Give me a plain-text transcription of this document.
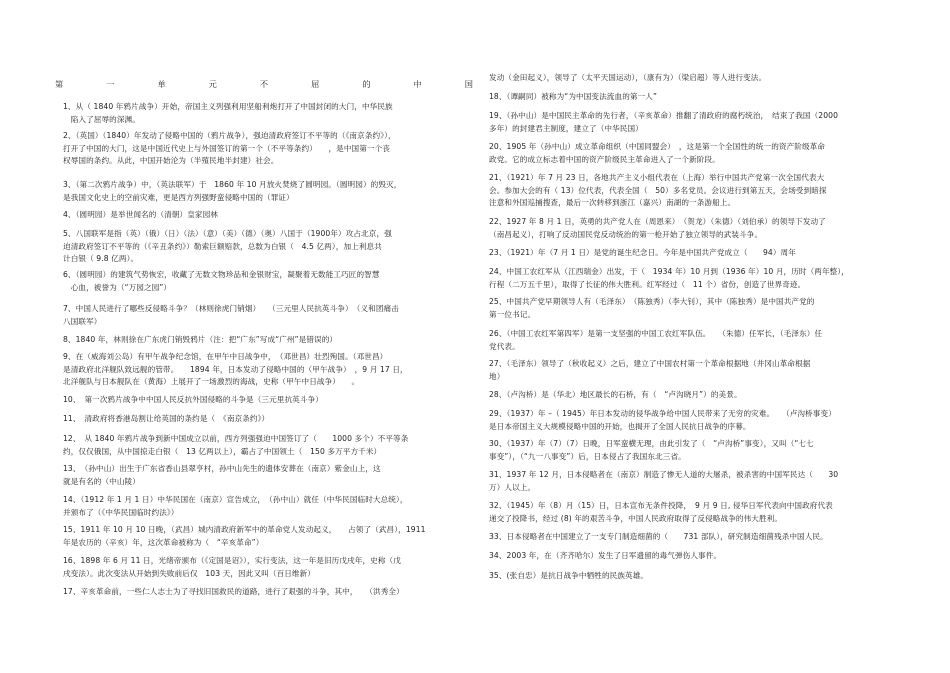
第	一	单	元	不	屈	的	中	国

1、从（ 1840 年鸦片战争）开始，帝国主义列强利用坚船利炮打开了中国封闭的大门，中华民族

　陷入了屈辱的深渊。

2、（英国）（1840）年发动了侵略中国的（鸦片战争），强迫清政府签订不平等的（《南京条约》），

打开了中国的大门，这是中国近代史上与外国签订的第一个（不平等条约）　　，是中国第一个丧

权辱国的条约。从此，中国开始沦为（半殖民地半封建）社会。

3、（第二次鸦片战争）中，（英法联军）于　1860 年 10 月放火焚烧了圆明园。（圆明园）的毁灭，

是我国文化史上的空前灾难，更是西方列强野蛮侵略中国的（罪证）

4、（圆明园）是举世闻名的（清朝）皇家园林

5、八国联军是指（英）（俄）（日）（法）（意）（美）（德）（奥）八国于（1900年）攻占北京，强

迫清政府签订不平等的（《辛丑条约》）勒索巨额赔款，总数为白银（　4.5 亿两），加上利息共

计白银（ 9.8 亿两）。

6、（圆明园）的建筑气势恢宏，收藏了无数文物珍品和金银财宝，凝聚着无数能工巧匠的智慧

　心血，被誉为（“万园之园”）

7、中国人民进行了哪些反侵略斗争？（林则徐虎门销烟）　　（三元里人民抗英斗争）　（义和团痛击

八国联军）

8、1840 年，林则徐在广东虎门销毁鸦片（注：把“广东”写成“广州”是错误的）

9、在（威海刘公岛）有甲午战争纪念馆，在甲午中日战争中，　（邓世昌）壮烈殉国。（邓世昌）

是清政府北洋舰队致远舰的管带。　　1894 年，日本发动了侵略中国的（甲午战争）　，9 月 17 日，

北洋舰队与日本舰队在（黄海）上展开了一场激烈的海战，史称（甲午中日战争）　　。

10、　第一次鸦片战争中中国人民反抗外国侵略的斗争是（三元里抗英斗争）

11、　清政府将香港岛割让给英国的条约是（　《南京条约》）

12、　从 1840 年鸦片战争到新中国成立以前，西方列强强迫中国签订了（　　1000 多个）不平等条

约，仅仅俄国，从中国掠走白银（　13 亿两以上），霸占了中国领土（　150 多万平方千米）

13、　（孙中山）出生于广东省香山县翠亨村，孙中山先生的遗体安葬在（南京）紫金山上，这

就是有名的（中山陵）

14、（1912 年 1 月 1 日）中华民国在（南京）宣告成立，　（孙中山）就任（中华民国临时大总统），

并颁布了（《中华民国临时约法》）

15、1911 年 10 月 10 日晚，（武昌）城内清政府新军中的革命党人发动起义，　　占领了（武昌），1911

年是农历的（辛亥）年，这次革命被称为（　“辛亥革命”）

16、1898 年 6 月 11 日，光绪帝颁布（《定国是诏》），实行变法，这一年是旧历戊戌年，史称（戊

戌变法）。此次变法从开始到失败前后仅　103 天，因此又叫（百日维新）

17、辛亥革命前，一些仁人志士为了寻找旧国救民的道路，进行了艰强的斗争，其中，　　（洪秀全）

发动（金田起义），领导了（太平天国运动），（康有为）（梁启超）等人进行变法。

18、（谭嗣同）被称为“为中国变法流血的第一人”

19、（孙中山）是中国民主革命的先行者，（辛亥革命）推翻了清政府的腐朽统治，　结束了我国（2000

多年）的封建君主制度，建立了（中华民国）

20、1905 年（孙中山）成立革命组织（中国同盟会）　，这是第一个全国性的统一的资产阶级革命

政党。它的成立标志着中国的资产阶级民主革命进入了一个新阶段。

21、（1921）年 7 月 23 日，各地共产主义小组代表在（上海）举行中国共产党第一次全国代表大

会。参加大会的有（ 13）位代表，代表全国（　50）多名党员。会议进行到第五天，会场受到暗探

注意和外国巡捕搜查，最后一次转移到浙江（嘉兴）南湖的一条游船上。

22、1927 年 8 月 1 日，英勇的共产党人在（周恩来）　（贺龙）（朱德）（刘伯承）的领导下发动了

（南昌起义），打响了反动国民党反动统治的第一枪开始了独立领导的武装斗争。

23、（1921）年（7 月 1 日）是党的诞生纪念日。今年是中国共产党成立（　　94）周年

24、中国工农红军从（江西瑞金）出发，于（　1934 年）10 月到（1936 年）10 月，历时（两年整），

行程（二万五千里），取得了长征的伟大胜利。红军经过（　11 个）省份，创造了世界奇迹。

25、中国共产党早期领导人有（毛泽东）　（陈独秀）（李大钊），其中（陈独秀）是中国共产党的

第一位书记。

26、（中国工农红军第四军）是第一支坚强的中国工农红军队伍。　　（朱德）任军长，（毛泽东）任

党代表。

27、（毛泽东）领导了（秋收起义）之后，建立了中国农村第一个革命根据地（井冈山革命根据

地）

28、（卢沟桥）是（华北）地区最长的石桥，有（　“卢沟晓月”）的美景。

29、（1937）年 –（ 1945）年日本发动的侵华战争给中国人民带来了无穷的灾难。　　（卢沟桥事变）

是日本帝国主义大规模侵略中国的开始，也揭开了全国人民抗日战争的序幕。

30、（1937）年（7）（7）日晚，日军蛮横无理，由此引发了（　“卢沟桥”事变），又叫（“七七

事变”），（“九一八事变”）后，日本侵占了我国东北三省。

31、1937 年 12 月，日本侵略者在（南京）制造了惨无人道的大屠杀，被杀害的中国军民达（　　30

万）人以上。

32、（1945）年（8）月（15）日，日本宣布无条件投降，　9 月 9 日, 侵华日军代表向中国政府代表

递交了投降书，经过 (8) 年的艰苦斗争，中国人民政府取得了反侵略战争的伟大胜利。

33、日本侵略者在中国建立了一支专门制造细菌的（　　731 部队），研究制造细菌残杀中国人民。

34、2003 年，在（齐齐哈尔）发生了日军遗留的毒气弹伤人事件。

35、(张自忠）是抗日战争中牺牲的民族英雄。
